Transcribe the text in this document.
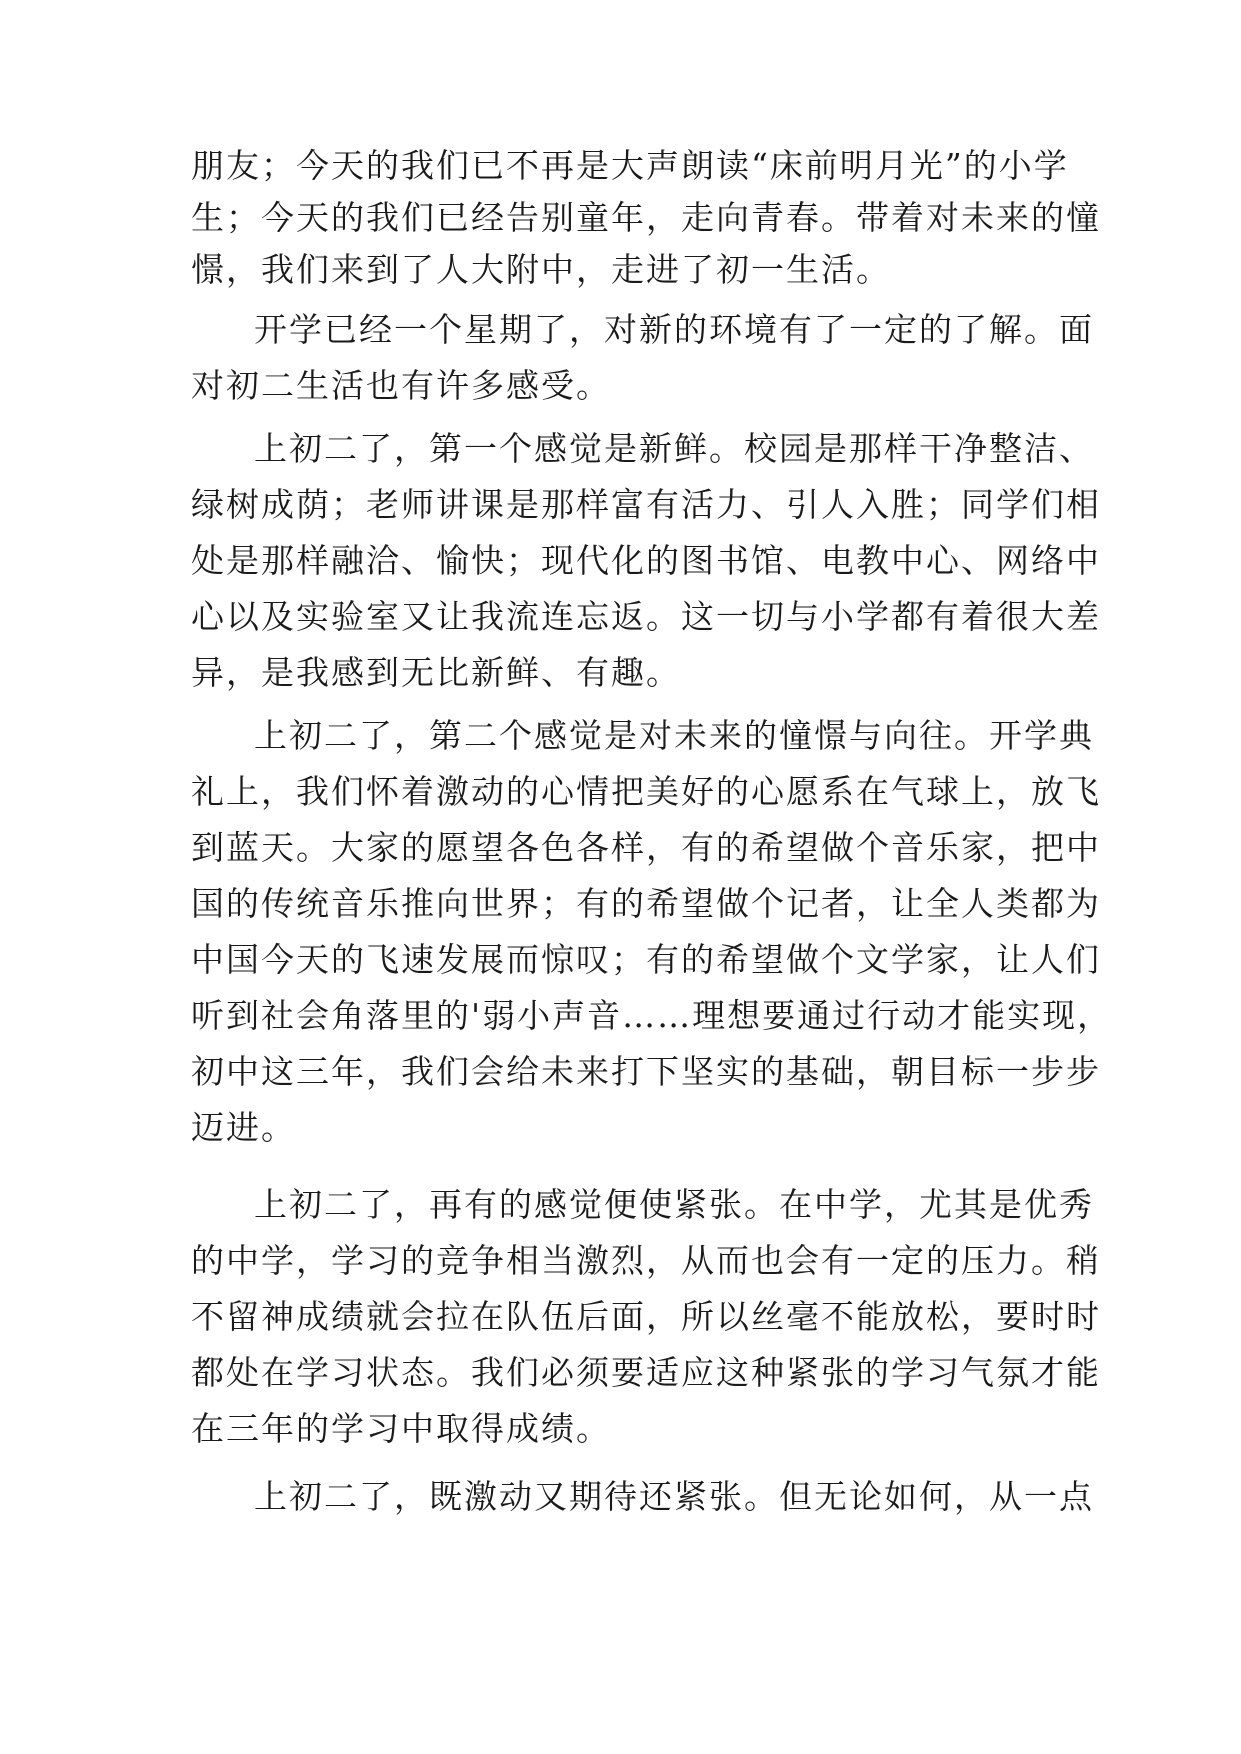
朋友；今天的我们已不再是大声朗读“床前明月光”的小学

生；今天的我们已经告别童年，走向青春。带着对未来的憧

憬，我们来到了人大附中，走进了初一生活。

开学已经一个星期了，对新的环境有了一定的了解。面

对初二生活也有许多感受。

上初二了，第一个感觉是新鲜。校园是那样干净整洁、

绿树成荫；老师讲课是那样富有活力、引人入胜；同学们相

处是那样融洽、愉快；现代化的图书馆、电教中心、网络中

心以及实验室又让我流连忘返。这一切与小学都有着很大差

异，是我感到无比新鲜、有趣。

上初二了，第二个感觉是对未来的憧憬与向往。开学典

礼上，我们怀着激动的心情把美好的心愿系在气球上，放飞

到蓝天。大家的愿望各色各样，有的希望做个音乐家，把中

国的传统音乐推向世界；有的希望做个记者，让全人类都为

中国今天的飞速发展而惊叹；有的希望做个文学家，让人们

听到社会角落里的'弱小声音……理想要通过行动才能实现，

初中这三年，我们会给未来打下坚实的基础，朝目标一步步

迈进。

上初二了，再有的感觉便使紧张。在中学，尤其是优秀

的中学，学习的竞争相当激烈，从而也会有一定的压力。稍

不留神成绩就会拉在队伍后面，所以丝毫不能放松，要时时

都处在学习状态。我们必须要适应这种紧张的学习气氛才能

在三年的学习中取得成绩。

上初二了，既激动又期待还紧张。但无论如何，从一点
